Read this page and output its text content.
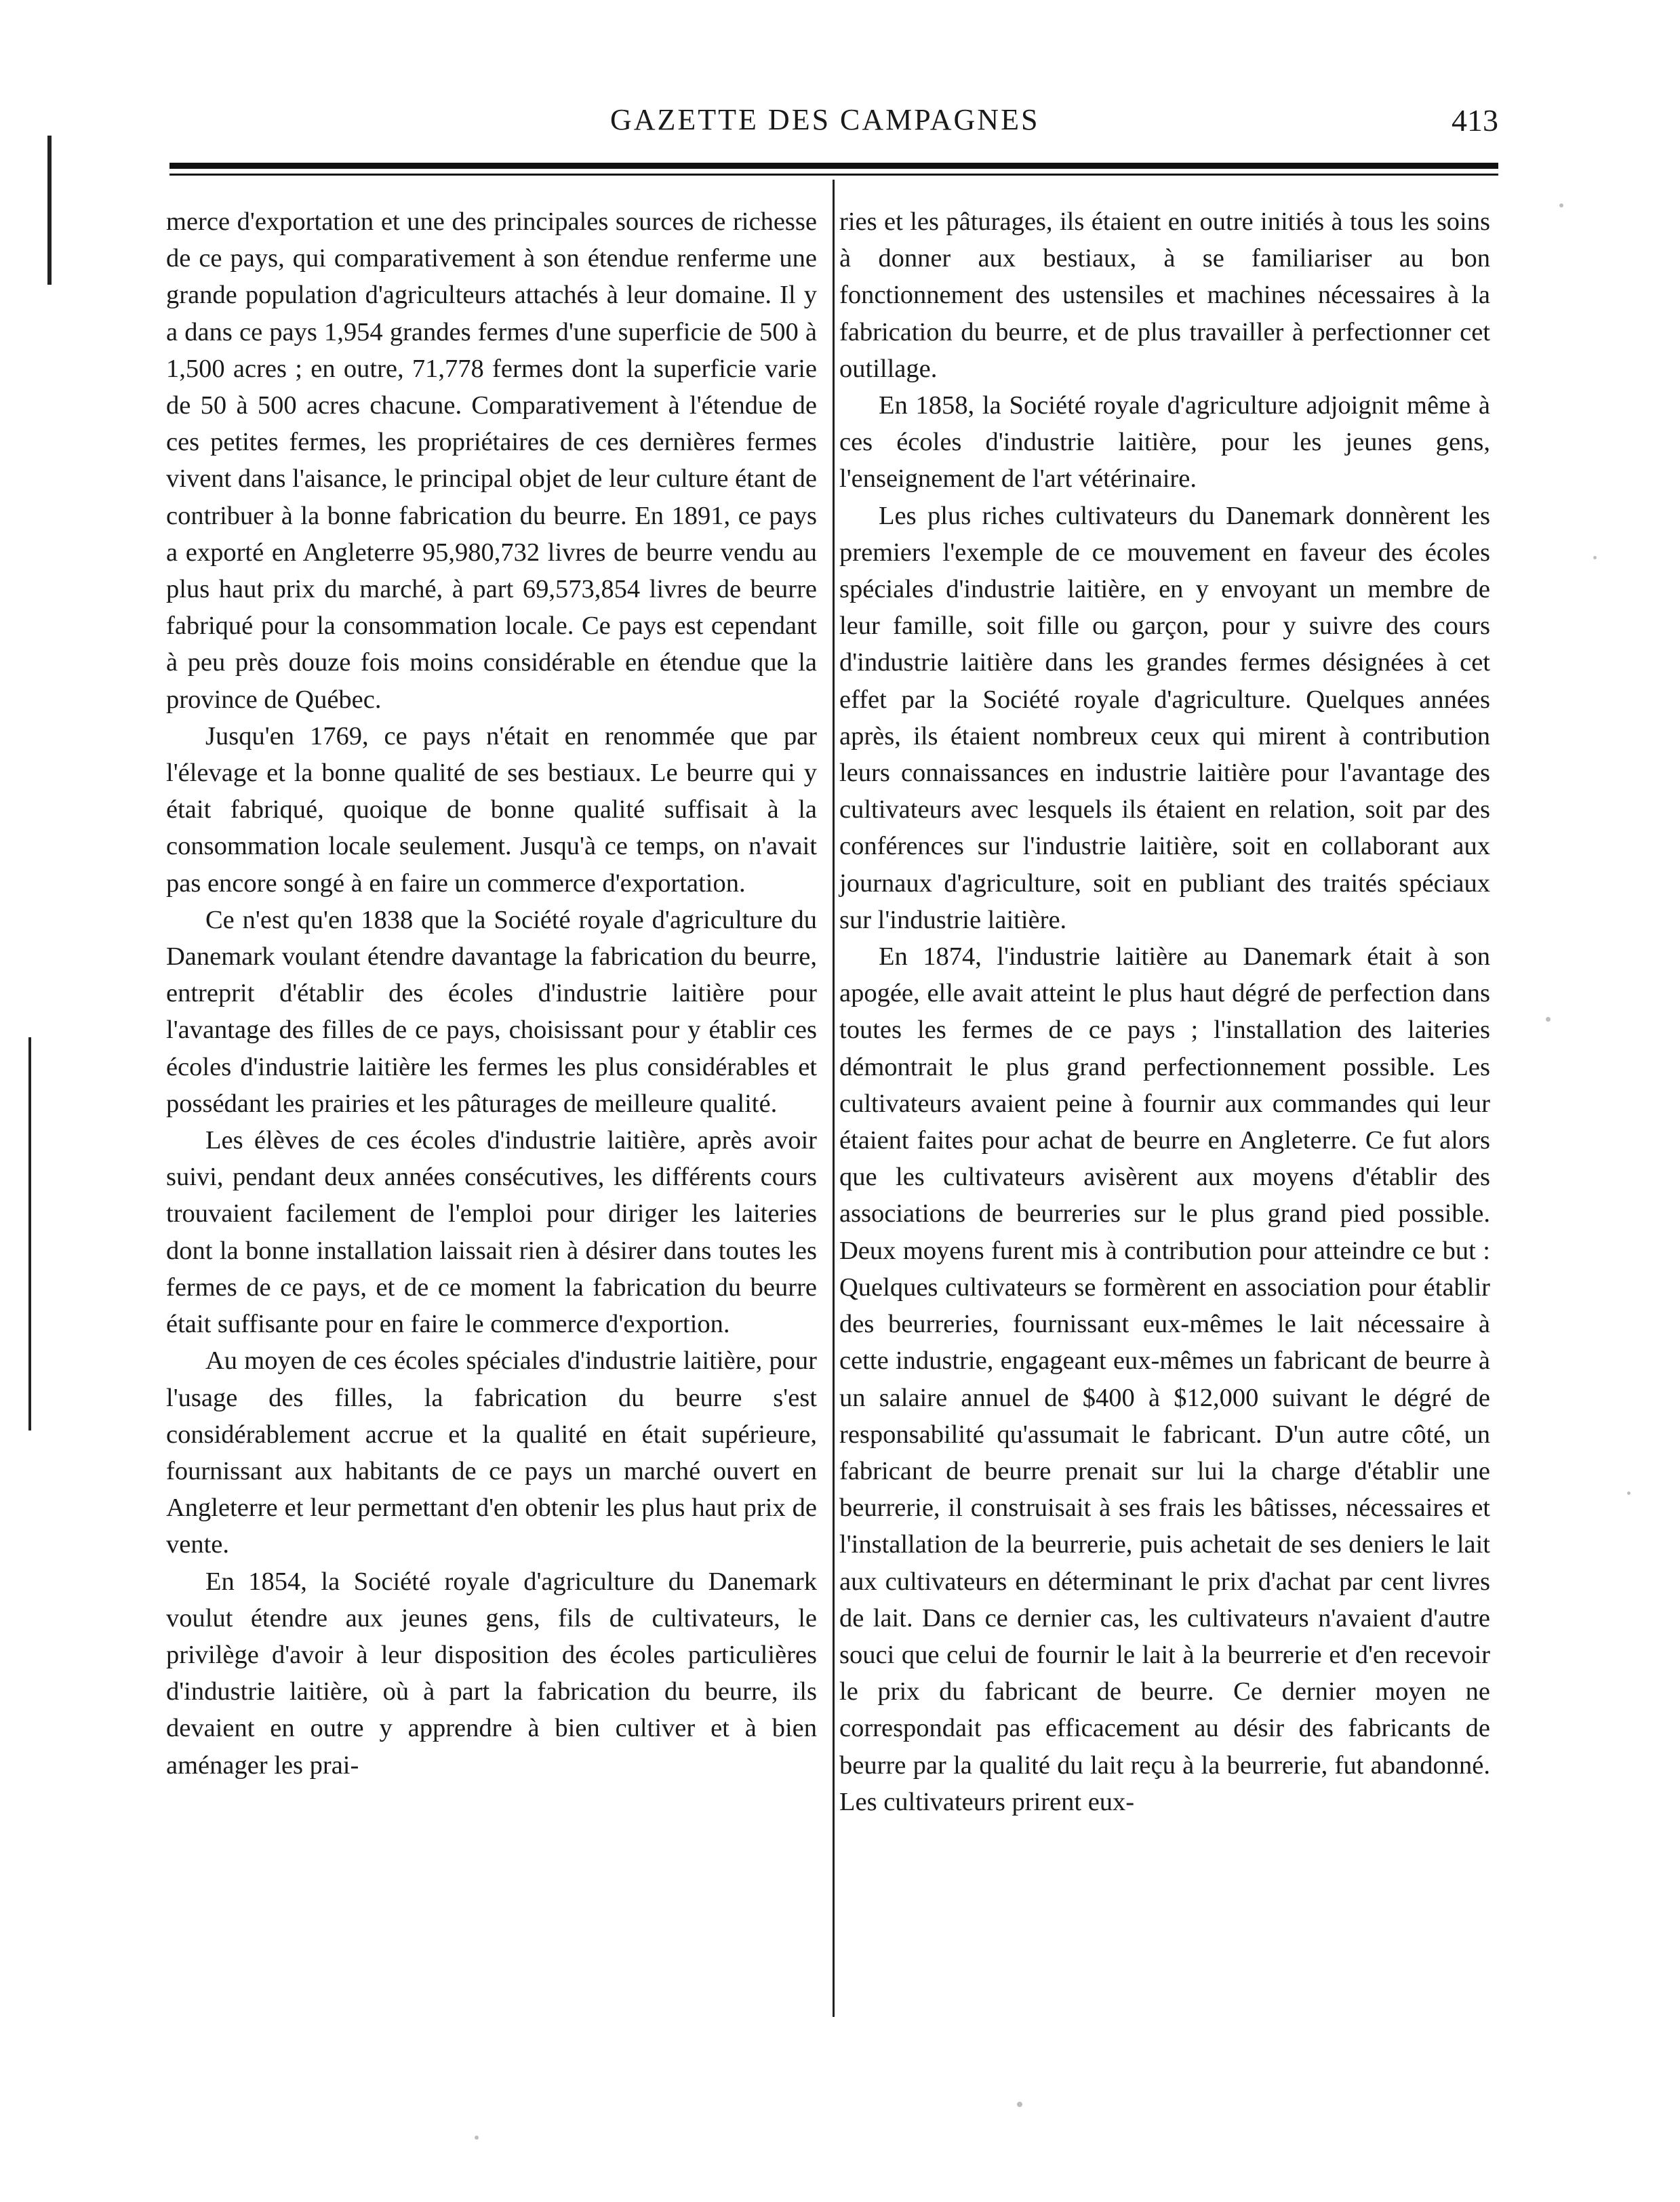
GAZETTE DES CAMPAGNES	413

merce d'exportation et une des principales sources de richesse de ce pays, qui comparativement à son étendue renferme une grande population d'agriculteurs attachés à leur domaine. Il y a dans ce pays 1,954 grandes fermes d'une superficie de 500 à 1,500 acres ; en outre, 71,778 fermes dont la superficie varie de 50 à 500 acres chacune. Comparativement à l'étendue de ces petites fermes, les propriétaires de ces dernières fermes vivent dans l'aisance, le principal objet de leur culture étant de contribuer à la bonne fabrication du beurre. En 1891, ce pays a exporté en Angleterre 95,980,732 livres de beurre vendu au plus haut prix du marché, à part 69,573,854 livres de beurre fabriqué pour la consommation locale. Ce pays est cependant à peu près douze fois moins considérable en étendue que la province de Québec.

Jusqu'en 1769, ce pays n'était en renommée que par l'élevage et la bonne qualité de ses bestiaux. Le beurre qui y était fabriqué, quoique de bonne qualité suffisait à la consommation locale seulement. Jusqu'à ce temps, on n'avait pas encore songé à en faire un commerce d'exportation.

Ce n'est qu'en 1838 que la Société royale d'agriculture du Danemark voulant étendre davantage la fabrication du beurre, entreprit d'établir des écoles d'industrie laitière pour l'avantage des filles de ce pays, choisissant pour y établir ces écoles d'industrie laitière les fermes les plus considérables et possédant les prairies et les pâturages de meilleure qualité.

Les élèves de ces écoles d'industrie laitière, après avoir suivi, pendant deux années consécutives, les différents cours trouvaient facilement de l'emploi pour diriger les laiteries dont la bonne installation laissait rien à désirer dans toutes les fermes de ce pays, et de ce moment la fabrication du beurre était suffisante pour en faire le commerce d'exportion.

Au moyen de ces écoles spéciales d'industrie laitière, pour l'usage des filles, la fabrication du beurre s'est considérablement accrue et la qualité en était supérieure, fournissant aux habitants de ce pays un marché ouvert en Angleterre et leur permettant d'en obtenir les plus haut prix de vente.

En 1854, la Société royale d'agriculture du Danemark voulut étendre aux jeunes gens, fils de cultivateurs, le privilège d'avoir à leur disposition des écoles particulières d'industrie laitière, où à part la fabrication du beurre, ils devaient en outre y apprendre à bien cultiver et à bien aménager les prai-

ries et les pâturages, ils étaient en outre initiés à tous les soins à donner aux bestiaux, à se familiariser au bon fonctionnement des ustensiles et machines nécessaires à la fabrication du beurre, et de plus travailler à perfectionner cet outillage.

En 1858, la Société royale d'agriculture adjoignit même à ces écoles d'industrie laitière, pour les jeunes gens, l'enseignement de l'art vétérinaire.

Les plus riches cultivateurs du Danemark donnèrent les premiers l'exemple de ce mouvement en faveur des écoles spéciales d'industrie laitière, en y envoyant un membre de leur famille, soit fille ou garçon, pour y suivre des cours d'industrie laitière dans les grandes fermes désignées à cet effet par la Société royale d'agriculture. Quelques années après, ils étaient nombreux ceux qui mirent à contribution leurs connaissances en industrie laitière pour l'avantage des cultivateurs avec lesquels ils étaient en relation, soit par des conférences sur l'industrie laitière, soit en collaborant aux journaux d'agriculture, soit en publiant des traités spéciaux sur l'industrie laitière.

En 1874, l'industrie laitière au Danemark était à son apogée, elle avait atteint le plus haut dégré de perfection dans toutes les fermes de ce pays ; l'installation des laiteries démontrait le plus grand perfectionnement possible. Les cultivateurs avaient peine à fournir aux commandes qui leur étaient faites pour achat de beurre en Angleterre. Ce fut alors que les cultivateurs avisèrent aux moyens d'établir des associations de beurreries sur le plus grand pied possible. Deux moyens furent mis à contribution pour atteindre ce but : Quelques cultivateurs se formèrent en association pour établir des beurreries, fournissant eux-mêmes le lait nécessaire à cette industrie, engageant eux-mêmes un fabricant de beurre à un salaire annuel de $400 à $12,000 suivant le dégré de responsabilité qu'assumait le fabricant. D'un autre côté, un fabricant de beurre prenait sur lui la charge d'établir une beurrerie, il construisait à ses frais les bâtisses, nécessaires et l'installation de la beurrerie, puis achetait de ses deniers le lait aux cultivateurs en déterminant le prix d'achat par cent livres de lait. Dans ce dernier cas, les cultivateurs n'avaient d'autre souci que celui de fournir le lait à la beurrerie et d'en recevoir le prix du fabricant de beurre. Ce dernier moyen ne correspondait pas efficacement au désir des fabricants de beurre par la qualité du lait reçu à la beurrerie, fut abandonné. Les cultivateurs prirent eux-
